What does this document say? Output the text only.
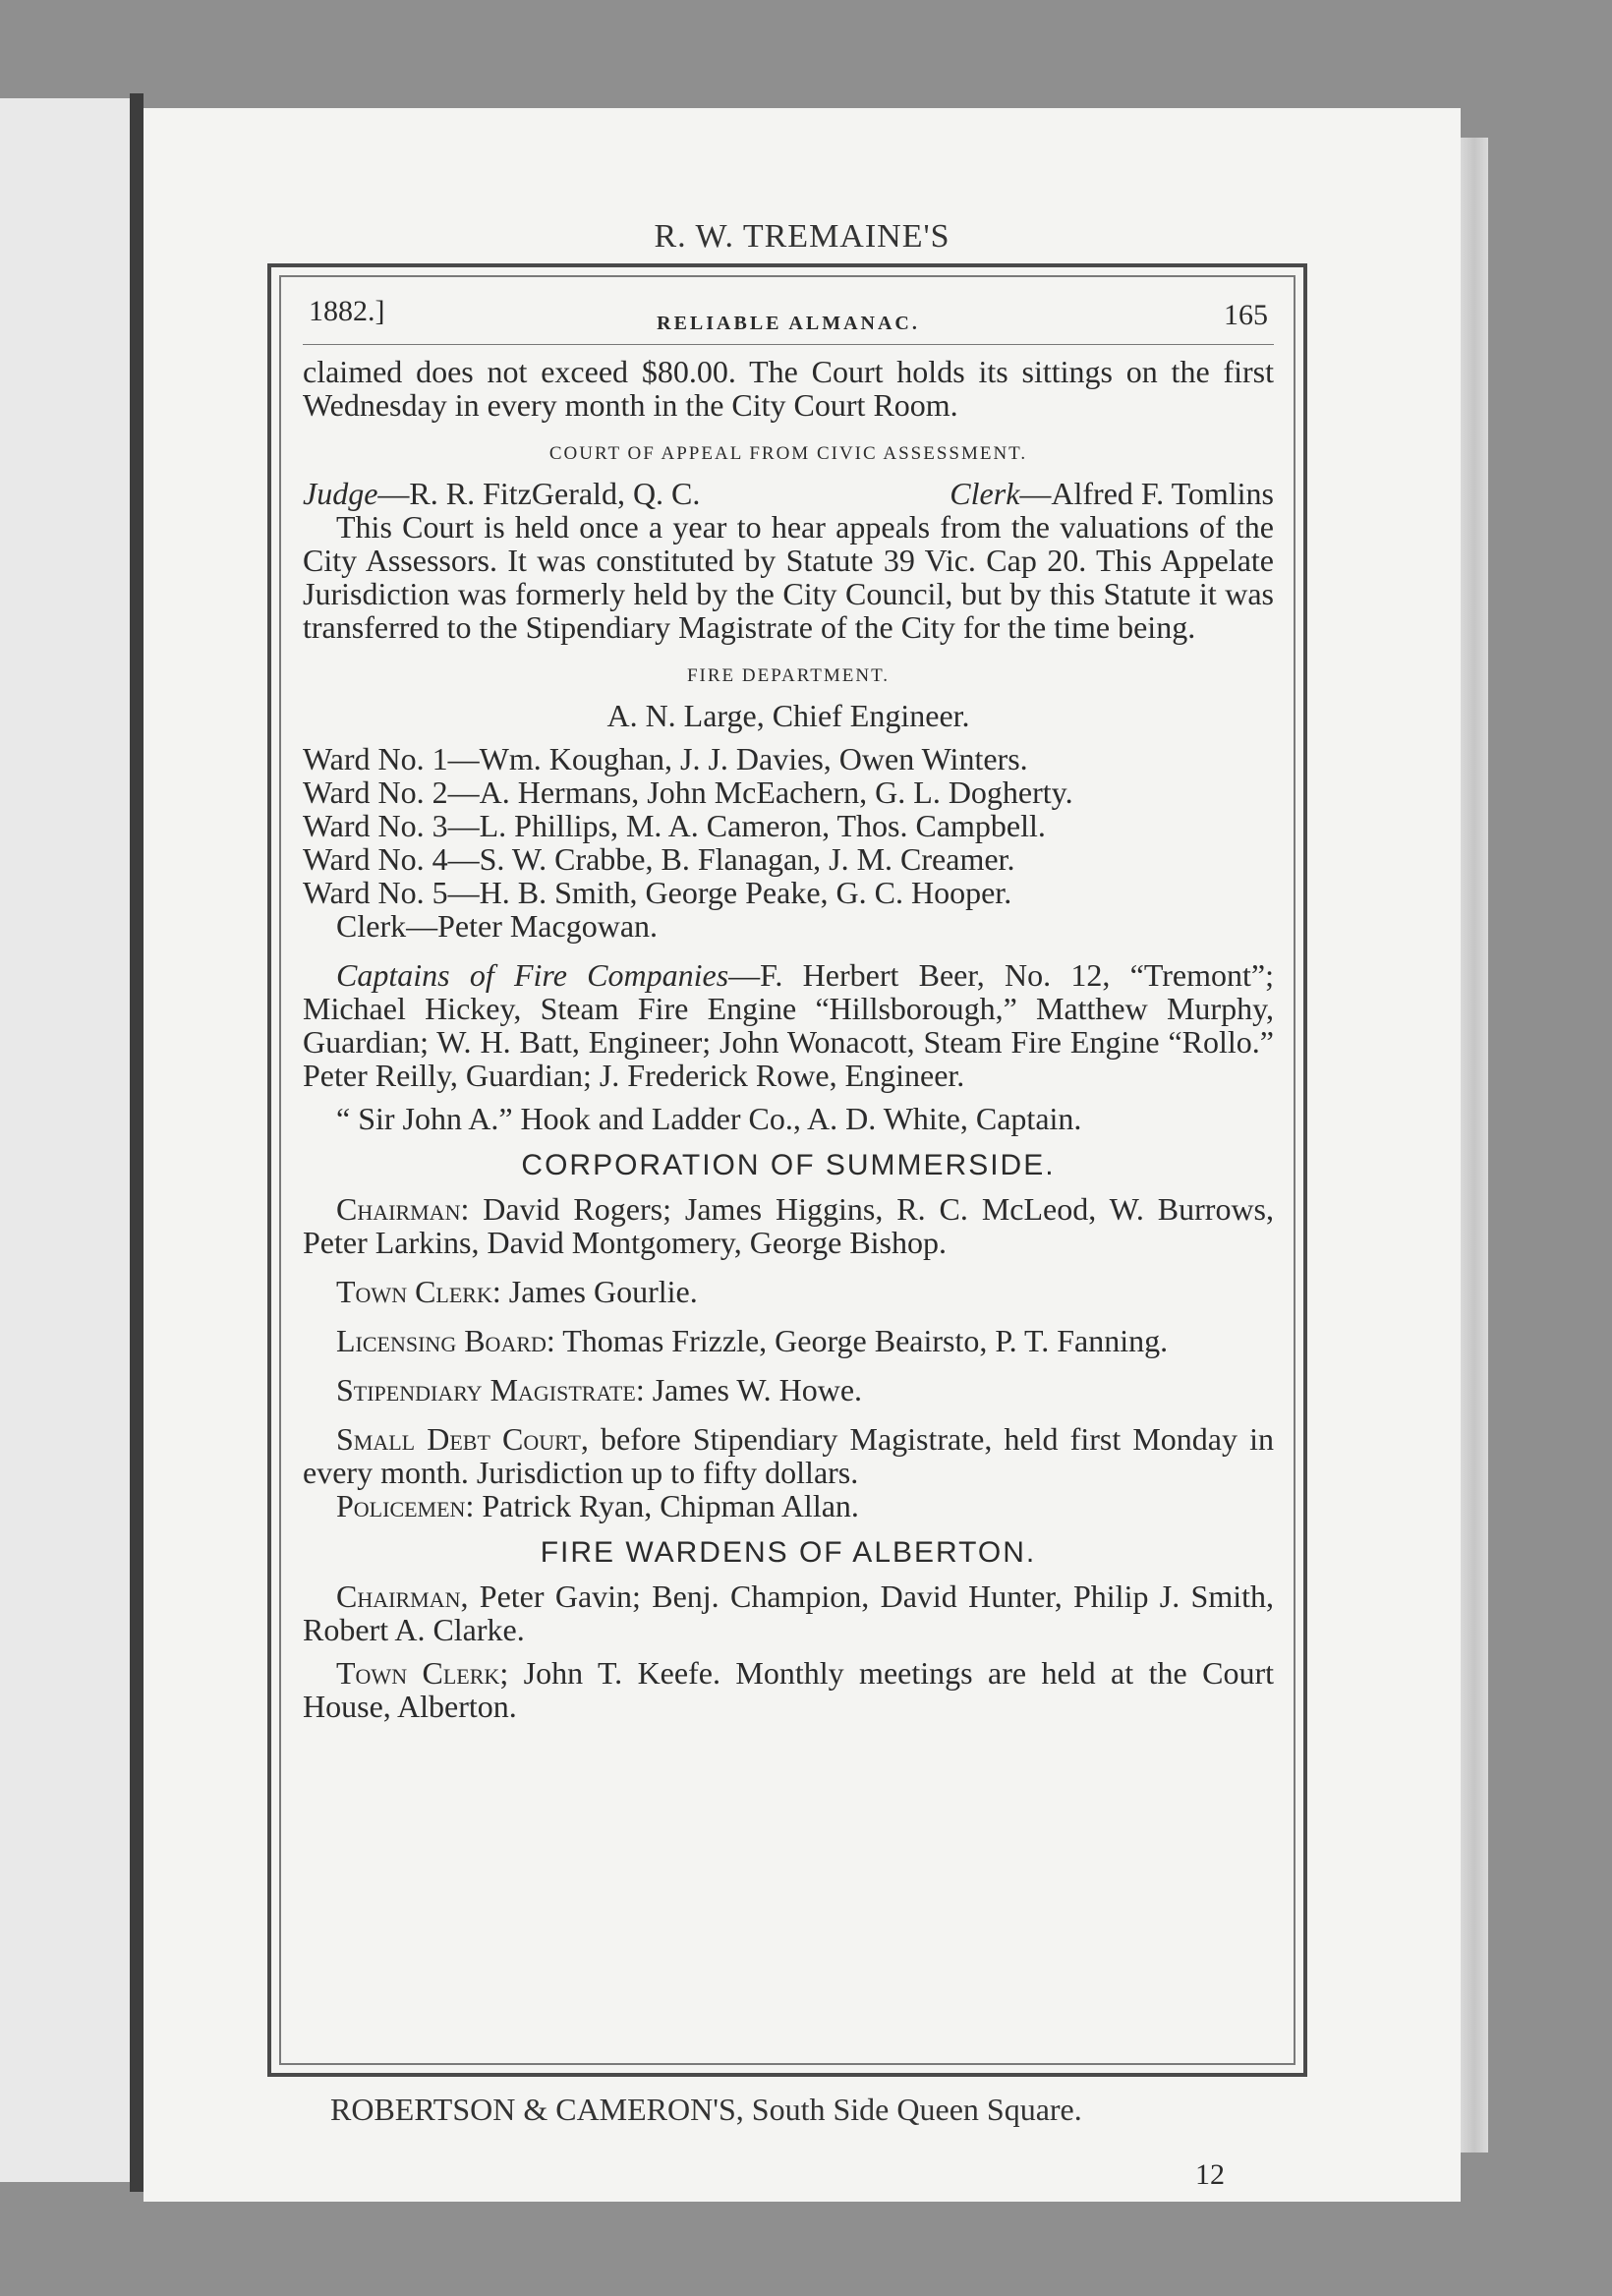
R. W. TREMAINE'S
1882.]	RELIABLE ALMANAC.	165

claimed does not exceed $80.00. The Court holds its sittings on the first Wednesday in every month in the City Court Room.

COURT OF APPEAL FROM CIVIC ASSESSMENT.

Judge—R. R. FitzGerald, Q. C.	Clerk—Alfred F. Tomlins

This Court is held once a year to hear appeals from the valuations of the City Assessors. It was constituted by Statute 39 Vic. Cap 20. This Appelate Jurisdiction was formerly held by the City Council, but by this Statute it was transferred to the Stipendiary Magistrate of the City for the time being.

FIRE DEPARTMENT.

A. N. Large, Chief Engineer.

Ward No. 1—Wm. Koughan, J. J. Davies, Owen Winters.

Ward No. 2—A. Hermans, John McEachern, G. L. Dogherty.

Ward No. 3—L. Phillips, M. A. Cameron, Thos. Campbell.

Ward No. 4—S. W. Crabbe, B. Flanagan, J. M. Creamer.

Ward No. 5—H. B. Smith, George Peake, G. C. Hooper.

Clerk—Peter Macgowan.

Captains of Fire Companies—F. Herbert Beer, No. 12, “Tremont”; Michael Hickey, Steam Fire Engine “Hillsborough,” Matthew Murphy, Guardian; W. H. Batt, Engineer; John Wonacott, Steam Fire Engine “Rollo.” Peter Reilly, Guardian; J. Frederick Rowe, Engineer.

“ Sir John A.” Hook and Ladder Co., A. D. White, Captain.

CORPORATION OF SUMMERSIDE.

Chairman: David Rogers; James Higgins, R. C. McLeod, W. Burrows, Peter Larkins, David Montgomery, George Bishop.

Town Clerk: James Gourlie.

Licensing Board: Thomas Frizzle, George Beairsto, P. T. Fanning.

Stipendiary Magistrate: James W. Howe.

Small Debt Court, before Stipendiary Magistrate, held first Monday in every month. Jurisdiction up to fifty dollars.

Policemen: Patrick Ryan, Chipman Allan.

FIRE WARDENS OF ALBERTON.

Chairman, Peter Gavin; Benj. Champion, David Hunter, Philip J. Smith, Robert A. Clarke.

Town Clerk; John T. Keefe. Monthly meetings are held at the Court House, Alberton.

ROBERTSON & CAMERON'S, South Side Queen Square.
12
